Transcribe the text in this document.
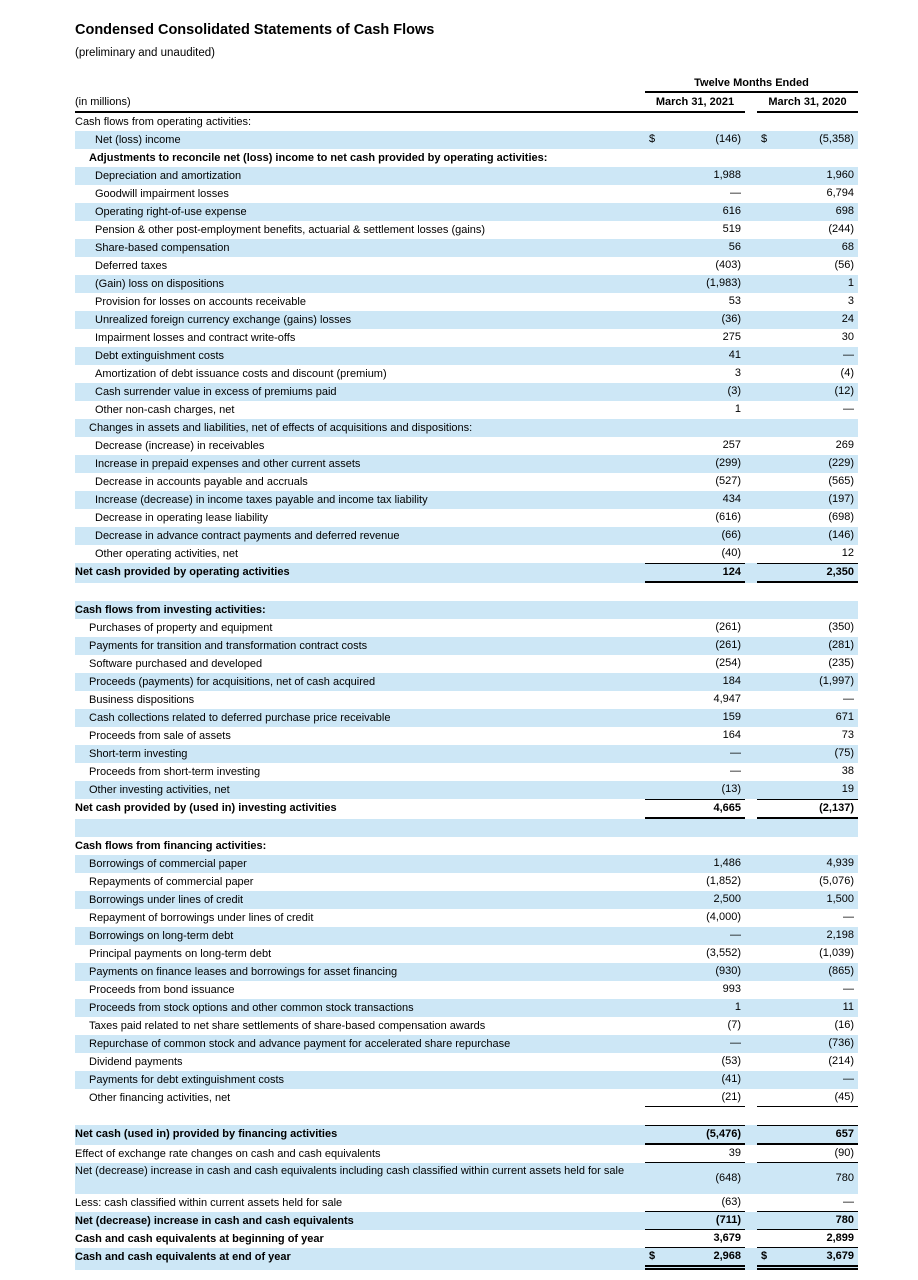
Condensed Consolidated Statements of Cash Flows

(preliminary and unaudited)

Twelve Months Ended
(in millions)	March 31, 2021	March 31, 2020
Cash flows from operating activities:
Net (loss) income	$	(146)	$	(5,358)
Adjustments to reconcile net (loss) income to net cash provided by operating activities:
Depreciation and amortization	1,988	1,960
Goodwill impairment losses	—	6,794
Operating right-of-use expense	616	698
Pension & other post-employment benefits, actuarial & settlement losses (gains)	519	(244)
Share-based compensation	56	68
Deferred taxes	(403)	(56)
(Gain) loss on dispositions	(1,983)	1
Provision for losses on accounts receivable	53	3
Unrealized foreign currency exchange (gains) losses	(36)	24
Impairment losses and contract write-offs	275	30
Debt extinguishment costs	41	—
Amortization of debt issuance costs and discount (premium)	3	(4)
Cash surrender value in excess of premiums paid	(3)	(12)
Other non-cash charges, net	1	—
Changes in assets and liabilities, net of effects of acquisitions and dispositions:
Decrease (increase) in receivables	257	269
Increase in prepaid expenses and other current assets	(299)	(229)
Decrease in accounts payable and accruals	(527)	(565)
Increase (decrease) in income taxes payable and income tax liability	434	(197)
Decrease in operating lease liability	(616)	(698)
Decrease in advance contract payments and deferred revenue	(66)	(146)
Other operating activities, net	(40)	12
Net cash provided by operating activities	124	2,350
Cash flows from investing activities:
Purchases of property and equipment	(261)	(350)
Payments for transition and transformation contract costs	(261)	(281)
Software purchased and developed	(254)	(235)
Proceeds (payments) for acquisitions, net of cash acquired	184	(1,997)
Business dispositions	4,947	—
Cash collections related to deferred purchase price receivable	159	671
Proceeds from sale of assets	164	73
Short-term investing	—	(75)
Proceeds from short-term investing	—	38
Other investing activities, net	(13)	19
Net cash provided by (used in) investing activities	4,665	(2,137)
Cash flows from financing activities:
Borrowings of commercial paper	1,486	4,939
Repayments of commercial paper	(1,852)	(5,076)
Borrowings under lines of credit	2,500	1,500
Repayment of borrowings under lines of credit	(4,000)	—
Borrowings on long-term debt	—	2,198
Principal payments on long-term debt	(3,552)	(1,039)
Payments on finance leases and borrowings for asset financing	(930)	(865)
Proceeds from bond issuance	993	—
Proceeds from stock options and other common stock transactions	1	11
Taxes paid related to net share settlements of share-based compensation awards	(7)	(16)
Repurchase of common stock and advance payment for accelerated share repurchase	—	(736)
Dividend payments	(53)	(214)
Payments for debt extinguishment costs	(41)	—
Other financing activities, net	(21)	(45)
Net cash (used in) provided by financing activities	(5,476)	657
Effect of exchange rate changes on cash and cash equivalents	39	(90)
Net (decrease) increase in cash and cash equivalents including cash classified within current assets held for sale
(648)	780
Less: cash classified within current assets held for sale	(63)	—
Net (decrease) increase in cash and cash equivalents	(711)	780
Cash and cash equivalents at beginning of year	3,679	2,899
Cash and cash equivalents at end of year	$	2,968	$	3,679
